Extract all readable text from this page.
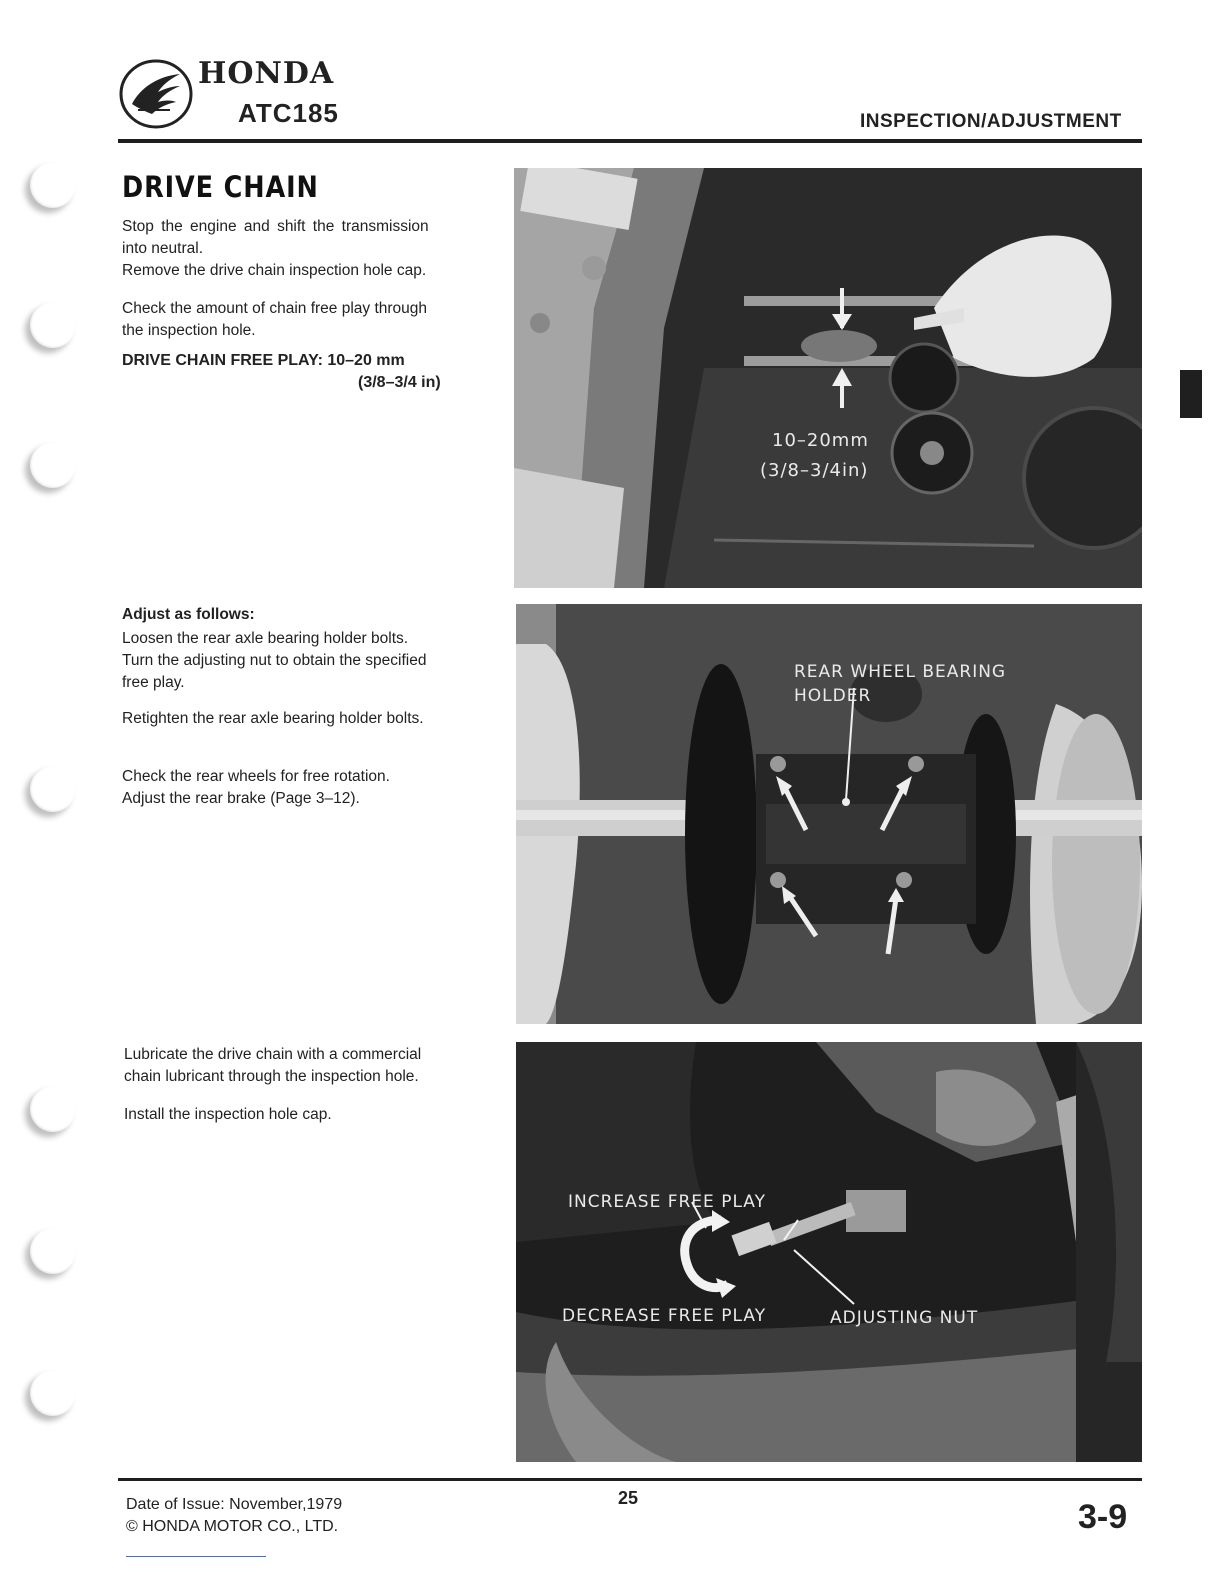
HONDA
ATC185	INSPECTION/ADJUSTMENT
DRIVE CHAIN
Stop the engine and shift the transmission
into neutral.
Remove the drive chain inspection hole cap.
Check the amount of chain free play through
the inspection hole.
DRIVE CHAIN FREE PLAY: 10–20 mm
(3/8–3/4 in)
Adjust as follows:
Loosen the rear axle bearing holder bolts.
Turn the adjusting nut to obtain the specified
free play.
Retighten the rear axle bearing holder bolts.
Check the rear wheels for free rotation.
Adjust the rear brake (Page 3–12).
Lubricate the drive chain with a commercial
chain lubricant through the inspection hole.
Install the inspection hole cap.
10–20mm
(3/8–3/4in)
REAR WHEEL BEARING
HOLDER
INCREASE FREE PLAY
DECREASE FREE PLAY	ADJUSTING NUT
Date of Issue: November,1979
© HONDA MOTOR CO., LTD.
25	3-9
